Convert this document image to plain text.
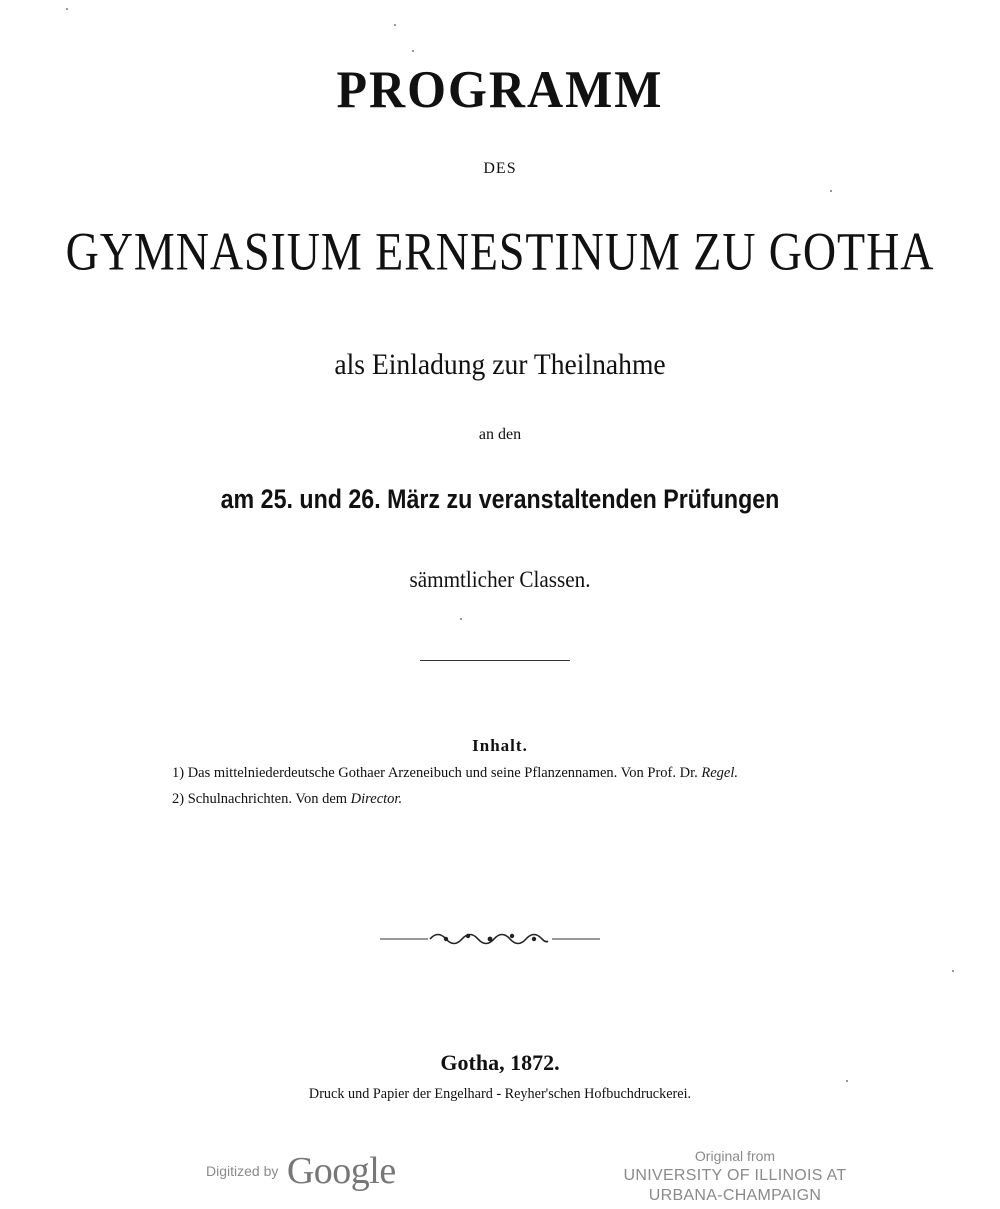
PROGRAMM
DES
GYMNASIUM ERNESTINUM ZU GOTHA
als Einladung zur Theilnahme
an den
am 25. und 26. März zu veranstaltenden Prüfungen
sämmtlicher Classen.
Inhalt.
1) Das mittelniederdeutsche Gothaer Arzeneibuch und seine Pflanzennamen. Von Prof. Dr. Regel.
2) Schulnachrichten. Von dem Director.
Gotha, 1872.
Druck und Papier der Engelhard - Reyher'schen Hofbuchdruckerei.
Digitized by Google	Original from
UNIVERSITY OF ILLINOIS AT
URBANA-CHAMPAIGN
